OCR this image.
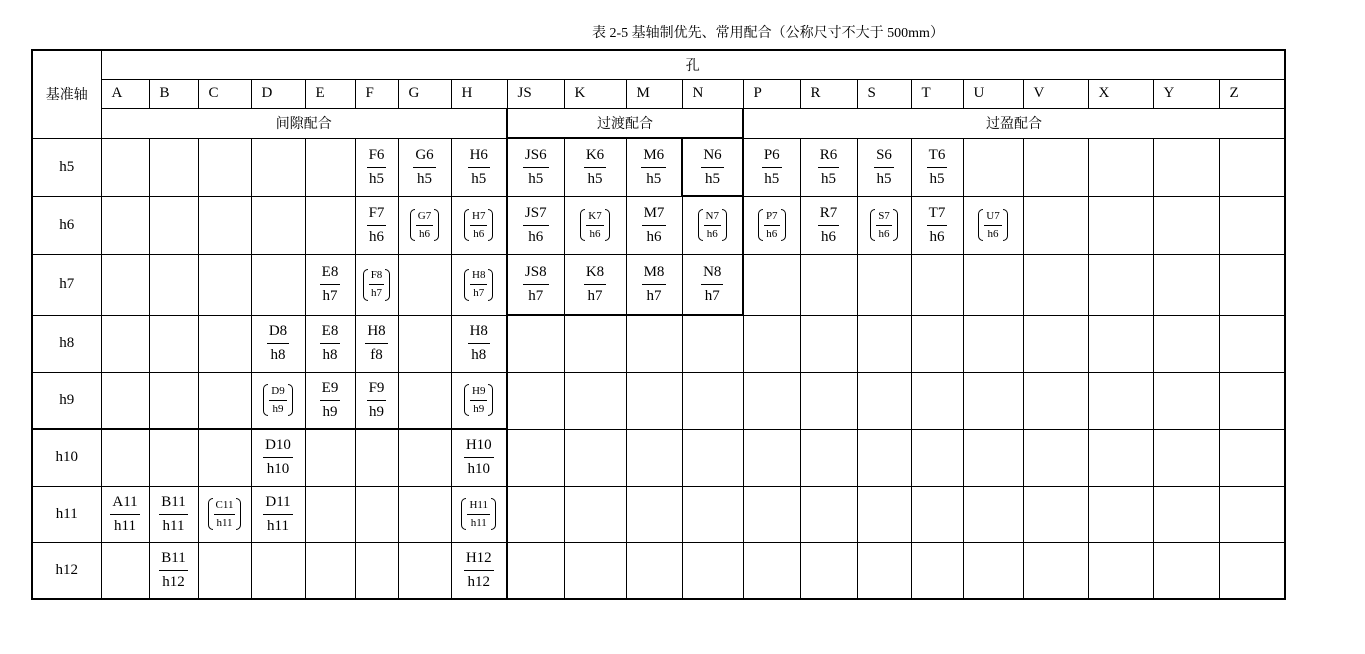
表 2-5 基轴制优先、常用配合（公称尺寸不大于 500mm）
基准轴	孔																				
	A	B	C	D	E	F	G	H	JS	K	M	N	P	R	S	T	U	V	X	Y	Z
	间隙配合								过渡配合				过盈配合								
h5						$\frac{F6}{h5}$	$\frac{G6}{h5}$	$\frac{H6}{h5}$	$\frac{JS6}{h5}$	$\frac{K6}{h5}$	$\frac{M6}{h5}$	$\frac{N6}{h5}$	$\frac{P6}{h5}$	$\frac{R6}{h5}$	$\frac{S6}{h5}$	$\frac{T6}{h5}$

h6						$\frac{F7}{h6}$	$\frac{G7}{h6}$	$\frac{H7}{h6}$	$\frac{JS7}{h6}$	$\frac{K7}{h6}$	$\frac{M7}{h6}$	$\frac{N7}{h6}$	$\frac{P7}{h6}$	$\frac{R7}{h6}$	$\frac{S7}{h6}$	$\frac{T7}{h6}$	$\frac{U7}{h6}$

h7					$\frac{E8}{h7}$	$\frac{F8}{h7}$		$\frac{H8}{h7}$	$\frac{JS8}{h7}$	$\frac{K8}{h7}$	$\frac{M8}{h7}$	$\frac{N8}{h7}$

h8				$\frac{D8}{h8}$	$\frac{E8}{h8}$	$\frac{H8}{f8}$		$\frac{H8}{h8}$

h9				$\frac{D9}{h9}$	$\frac{E9}{h9}$	$\frac{F9}{h9}$		$\frac{H9}{h9}$

h10				$\frac{D10}{h10}$				$\frac{H10}{h10}$

h11	$\frac{A11}{h11}$	$\frac{B11}{h11}$	$\frac{C11}{h11}$	$\frac{D11}{h11}$				$\frac{H11}{h11}$

h12		$\frac{B11}{h12}$						$\frac{H12}{h12}$
